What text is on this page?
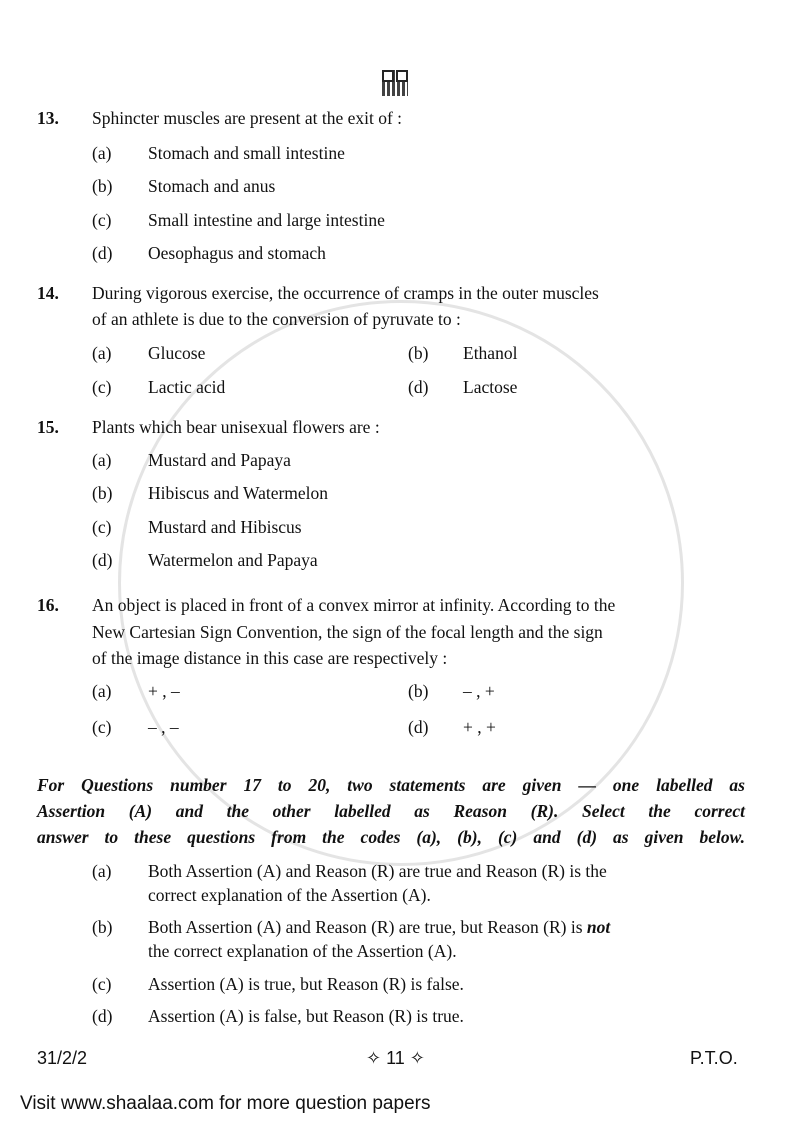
13. Sphincter muscles are present at the exit of :
(a) Stomach and small intestine
(b) Stomach and anus
(c) Small intestine and large intestine
(d) Oesophagus and stomach
14. During vigorous exercise, the occurrence of cramps in the outer muscles
of an athlete is due to the conversion of pyruvate to :
(a) Glucose	(b) Ethanol
(c) Lactic acid	(d) Lactose
15. Plants which bear unisexual flowers are :
(a) Mustard and Papaya
(b) Hibiscus and Watermelon
(c) Mustard and Hibiscus
(d) Watermelon and Papaya
16. An object is placed in front of a convex mirror at infinity. According to the
New Cartesian Sign Convention, the sign of the focal length and the sign
of the image distance in this case are respectively :
(a) + , –	(b) – , +
(c) – , –	(d) + , +
For Questions number 17 to 20, two statements are given — one labelled as
Assertion (A) and the other labelled as Reason (R). Select the correct
answer to these questions from the codes (a), (b), (c) and (d) as given below.
(a) Both Assertion (A) and Reason (R) are true and Reason (R) is the
correct explanation of the Assertion (A).
(b) Both Assertion (A) and Reason (R) are true, but Reason (R) is not
the correct explanation of the Assertion (A).
(c) Assertion (A) is true, but Reason (R) is false.
(d) Assertion (A) is false, but Reason (R) is true.
31/2/2	✧ 11 ✧	P.T.O.
Visit www.shaalaa.com for more question papers
